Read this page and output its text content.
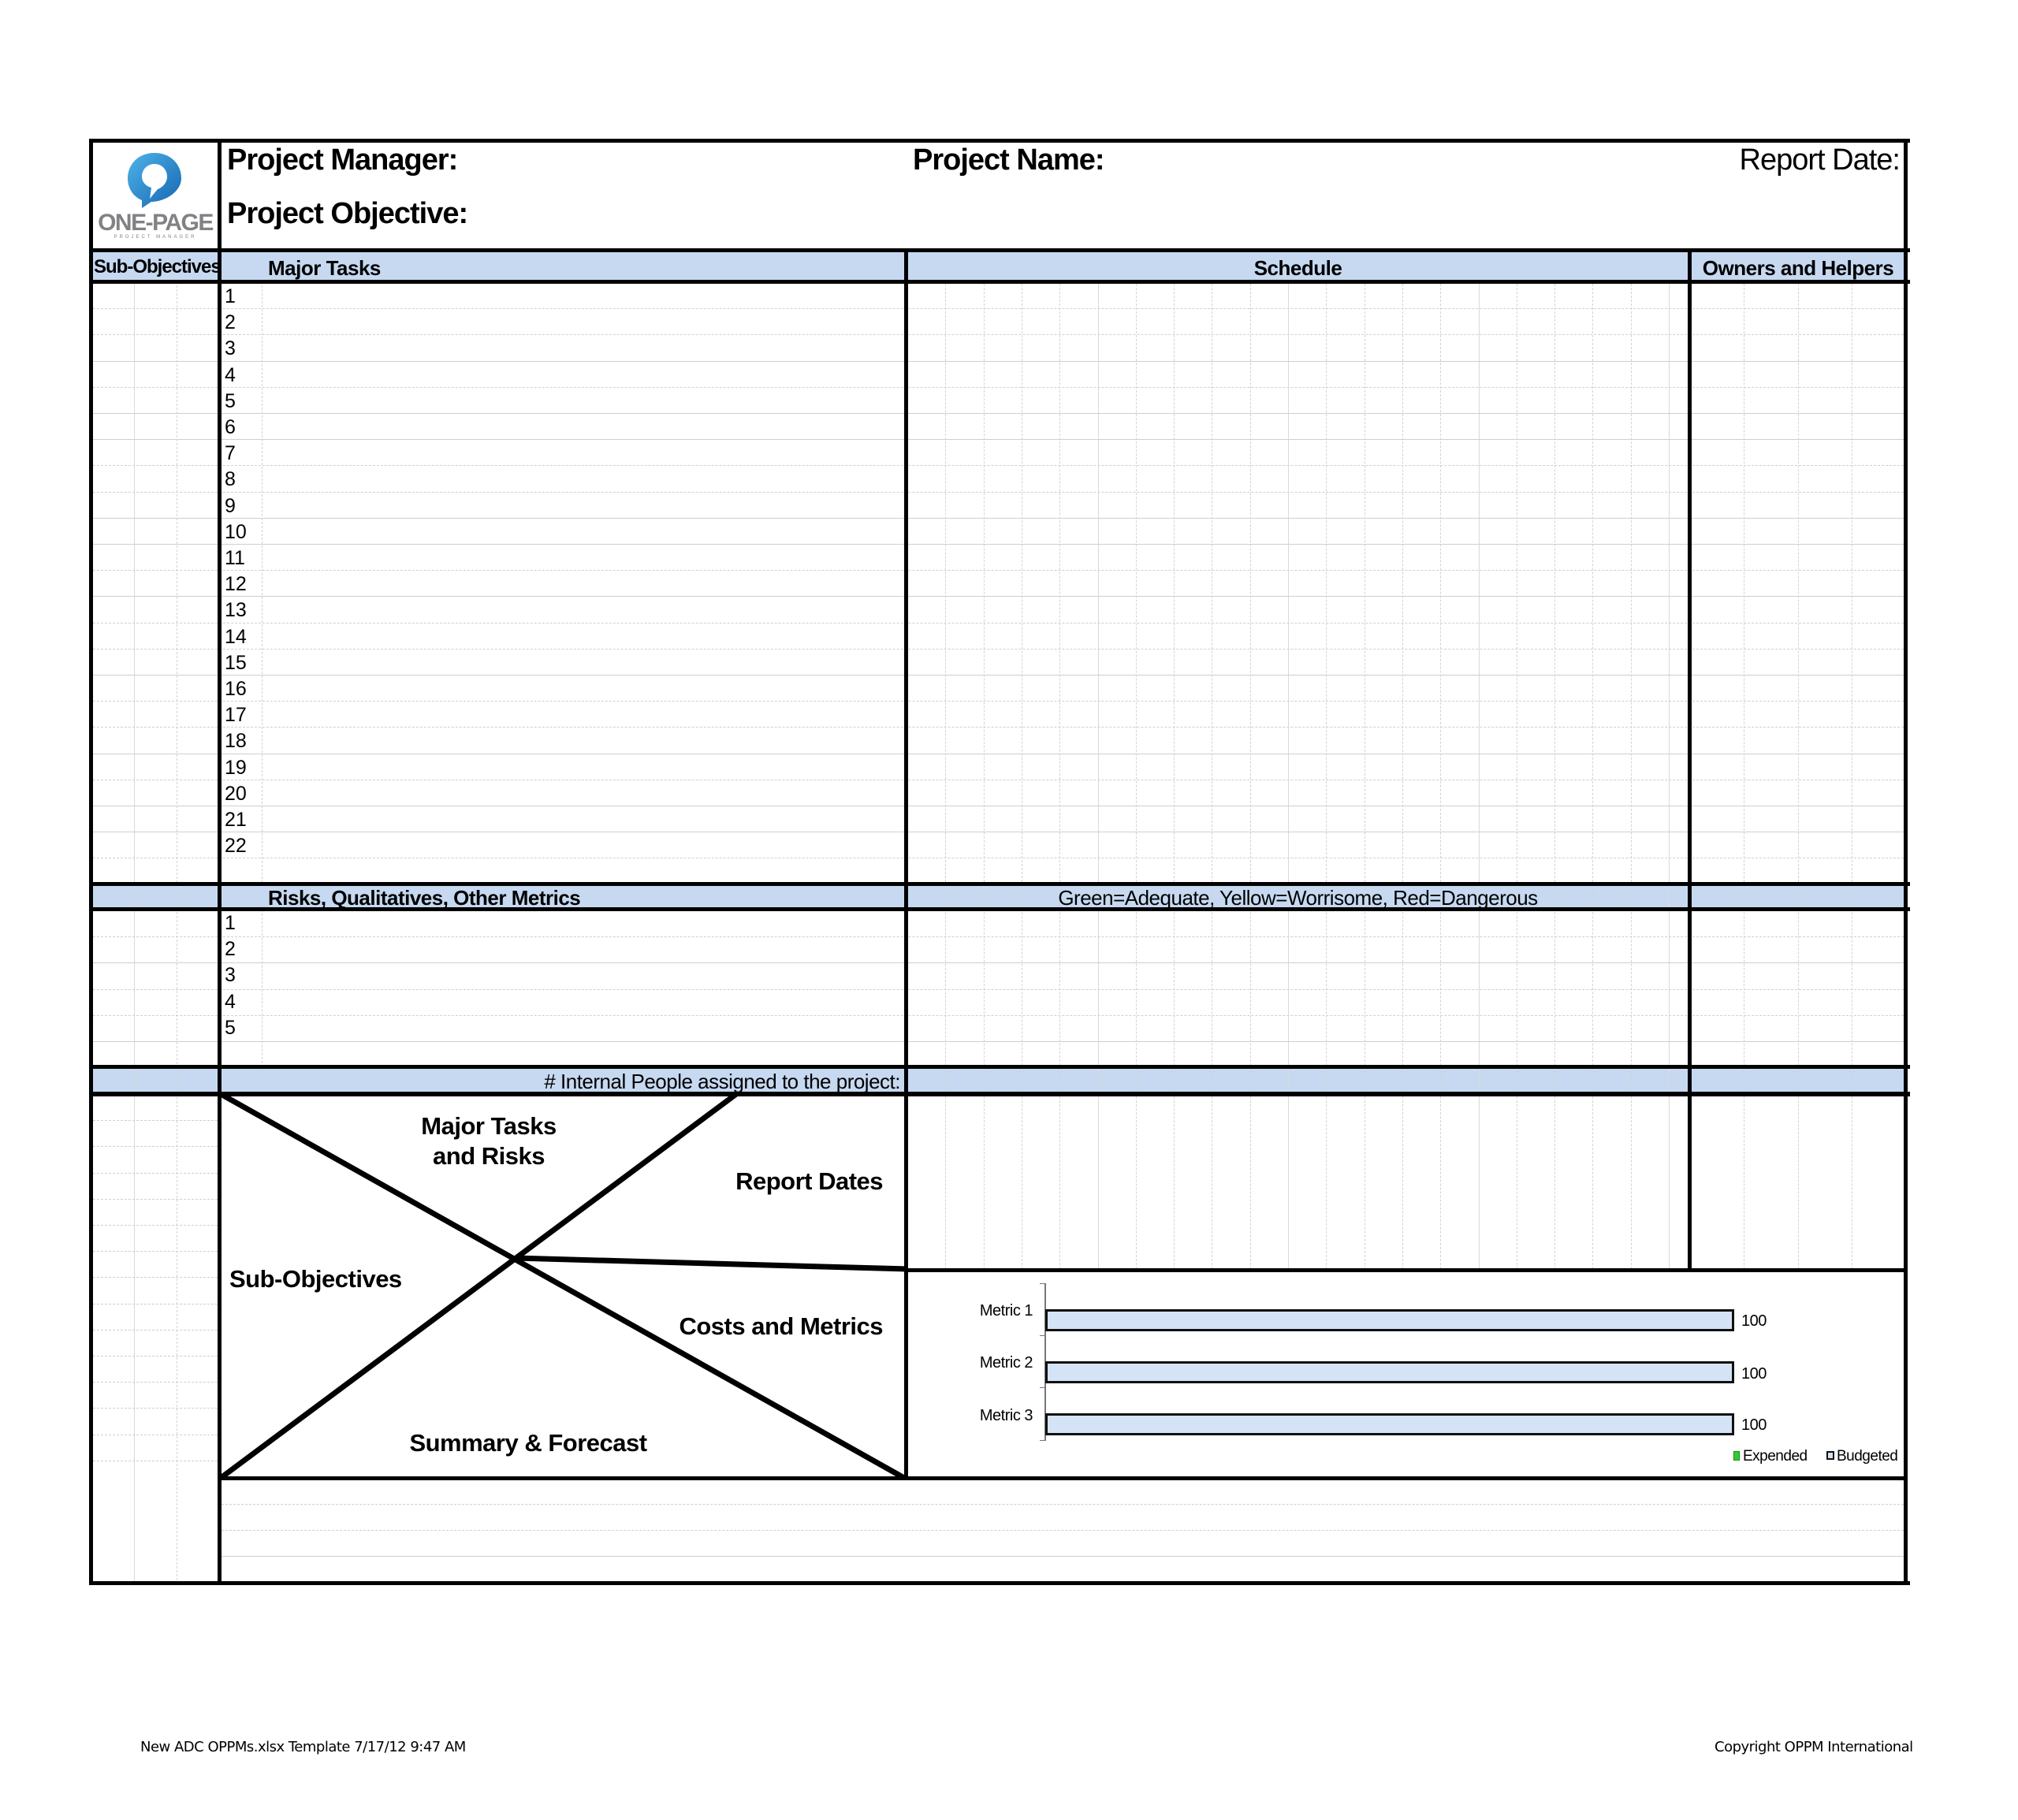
ONE-PAGE
PROJECT MANAGER
Project Manager:
Project Objective:
Project Name:	Report Date:
Sub-Objectives Major Tasks	Schedule	Owners and Helpers
1
2
3
4
5
6
7
8
9
10
11
12
13
14
15
16
17
18
19
20
21
22
Risks, Qualitatives, Other Metrics	Green=Adequate, Yellow=Worrisome, Red=Dangerous
1
2
3
4
5
# Internal People assigned to the project:
Major Tasks
and Risks
Report Dates
Sub-Objectives
Costs and Metrics
Summary & Forecast
Metric 1
100
Metric 2
100
Metric 3
100
Expended Budgeted
New ADC OPPMs.xlsx Template 7/17/12 9:47 AM	Copyright OPPM International
